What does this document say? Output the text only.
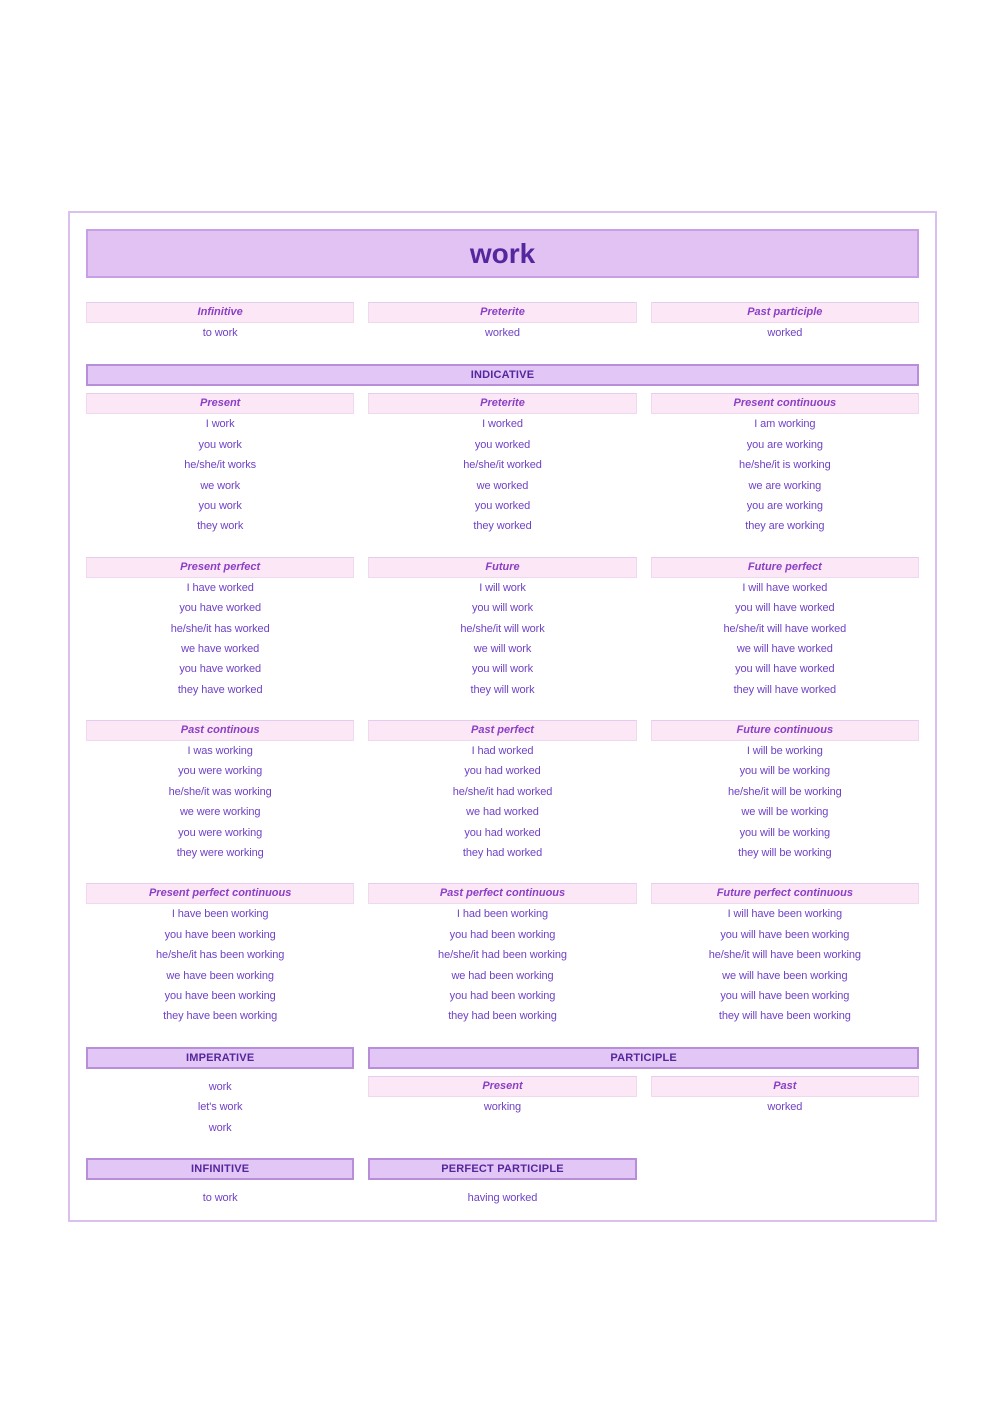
work
Infinitive

to work

Preterite

worked

Past participle

worked

INDICATIVE
Present

I work

you work

he/she/it works

we work

you work

they work

Preterite

I worked

you worked

he/she/it worked

we worked

you worked

they worked

Present continuous

I am working

you are working

he/she/it is working

we are working

you are working

they are working

Present perfect

I have worked

you have worked

he/she/it has worked

we have worked

you have worked

they have worked

Future

I will work

you will work

he/she/it will work

we will work

you will work

they will work

Future perfect

I will have worked

you will have worked

he/she/it will have worked

we will have worked

you will have worked

they will have worked

Past continous

I was working

you were working

he/she/it was working

we were working

you were working

they were working

Past perfect

I had worked

you had worked

he/she/it had worked

we had worked

you had worked

they had worked

Future continuous

I will be working

you will be working

he/she/it will be working

we will be working

you will be working

they will be working

Present perfect continuous

I have been working

you have been working

he/she/it has been working

we have been working

you have been working

they have been working

Past perfect continuous

I had been working

you had been working

he/she/it had been working

we had been working

you had been working

they had been working

Future perfect continuous

I will have been working

you will have been working

he/she/it will have been working

we will have been working

you will have been working

they will have been working

IMPERATIVE

work

let's work

work

PARTICIPLE
Present

working

Past

worked

INFINITIVE

to work

PERFECT PARTICIPLE

having worked
